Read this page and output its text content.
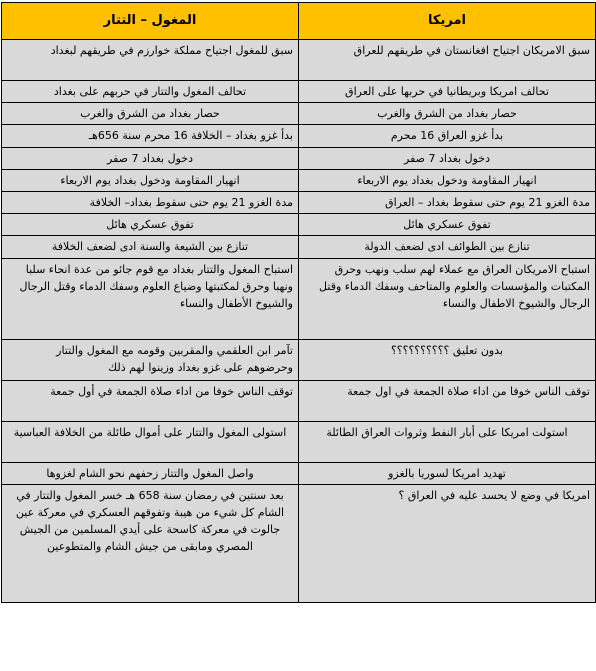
المغول – التتار	امريكا
سبق للمغول اجتياح مملكة خوارزم في طريقهم لبغداد	سبق الامريكان اجتياح افغانستان في طريقهم للعراق
تحالف المغول والتتار في حربهم على بغداد	تحالف امريكا وبريطانيا في حربها على العراق
حصار بغداد من الشرق والغرب	حصار بغداد من الشرق والغرب
بدأ غزو بغداد – الخلافة 16 محرم سنة 656هـ	بدأ غزو العراق 16 محرم
دخول بغداد 7 صفر	دخول بغداد 7 صفر
انهيار المقاومة ودخول بغداد يوم الاربعاء	انهيار المقاومة ودخول بغداد يوم الاربعاء
مدة الغزو 21 يوم حتى سقوط بغداد– الخلافة	مدة الغزو 21 يوم حتى سقوط بغداد – العراق
تفوق عسكري هائل	تفوق عسكري هائل
تنازع بين الشيعة والسنة ادى لضعف الخلافة	تنازع بين الطوائف ادى لضعف الدولة
استباح المغول والتتار بغداد مع قوم جائو من عدة انحاء سلبا ونهبا وحرق لمكتبتها وضياع العلوم وسفك الدماء وقتل الرجال والشيوخ الأطفال والنساء	استباح الامريكان العراق مع عملاء لهم سلب ونهب وحرق المكتبات والمؤسسات والعلوم والمتاحف وسفك الدماء وقتل الرجال والشيوخ الاطفال والنساء
تآمر ابن العلقمي والمقربين وقومه مع المغول والتتار وحرضوهم على غزو بغداد وزينوا لهم ذلك	بدون تعليق ؟؟؟؟؟؟؟؟؟؟
توقف الناس خوفا من اداء صلاة الجمعة في أول جمعة	توقف الناس خوفا من اداء صلاة الجمعة في اول جمعة
استولى المغول والتتار على أموال طائلة من الخلافة العباسية	استولت امريكا على أبار النفط وثروات العراق الطائلة
واصل المغول والتتار زحفهم نحو الشام لغزوها	تهديد امريكا لسوريا بالغزو
بعد سنتين في رمضان سنة 658 هـ خسر المغول والتتار في الشام كل شيء من هيبة وتفوقهم العسكري في معركة عين جالوت في معركة كاسحة على أيدي المسلمين من الجيش المصري ومابقى من جيش الشام والمتطوعين	امريكا في وضع لا يحسد عليه في العراق ؟
